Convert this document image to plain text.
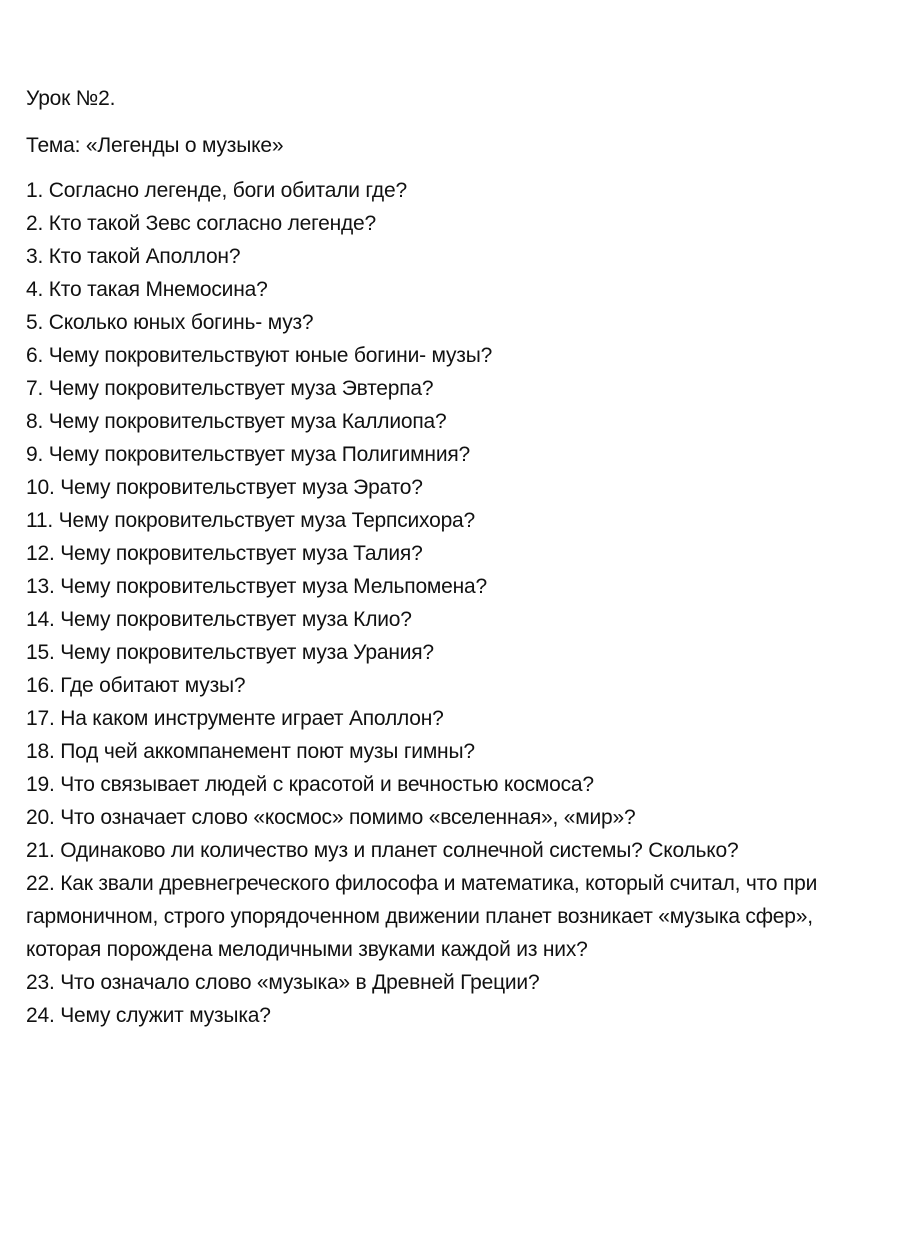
Урок №2.

Тема: «Легенды о музыке»

1. Согласно легенде, боги обитали где?
2. Кто такой Зевс согласно легенде?
3. Кто такой Аполлон?
4. Кто такая Мнемосина?
5. Сколько юных богинь- муз?
6. Чему покровительствуют юные богини- музы?
7. Чему покровительствует муза Эвтерпа?
8. Чему покровительствует муза Каллиопа?
9. Чему покровительствует муза Полигимния?
10. Чему покровительствует муза Эрато?
11. Чему покровительствует муза Терпсихора?
12. Чему покровительствует муза Талия?
13. Чему покровительствует муза Мельпомена?
14. Чему покровительствует муза Клио?
15. Чему покровительствует муза Урания?
16. Где обитают музы?
17. На каком инструменте играет Аполлон?
18. Под чей аккомпанемент поют музы гимны?
19. Что связывает людей с красотой и вечностью космоса?
20. Что означает слово «космос» помимо «вселенная», «мир»?
21. Одинаково ли количество муз и планет солнечной системы? Сколько?
22. Как звали древнегреческого философа и математика, который считал, что при гармоничном, строго упорядоченном движении планет возникает «музыка сфер», которая порождена мелодичными звуками каждой из них?
23. Что означало слово «музыка» в Древней Греции?
24. Чему служит музыка?
